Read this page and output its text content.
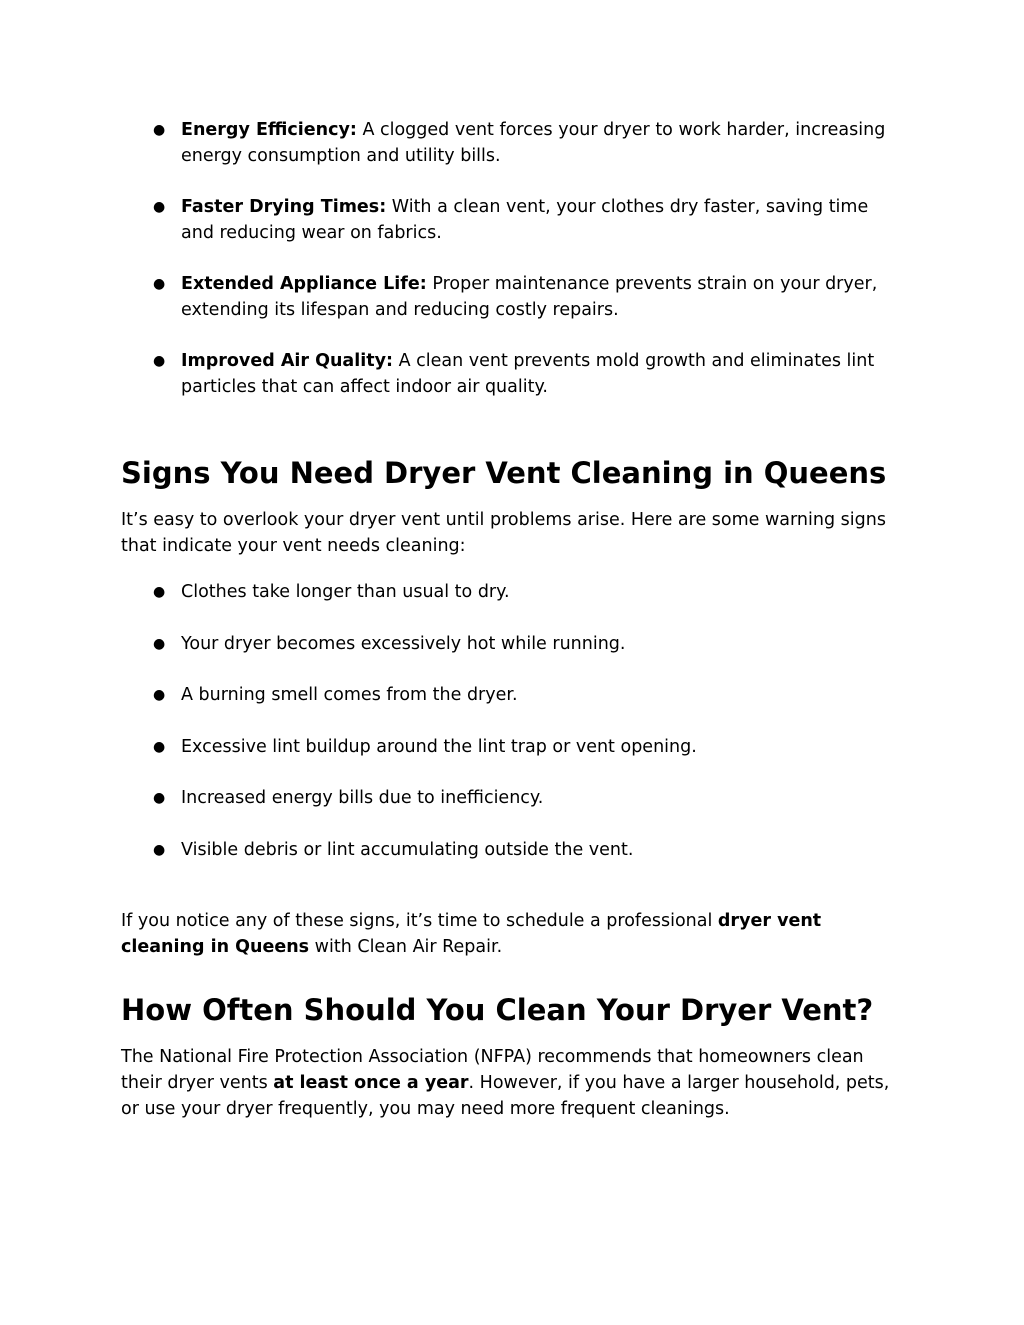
● Energy Efficiency: A clogged vent forces your dryer to work harder, increasing energy consumption and utility bills.
● Faster Drying Times: With a clean vent, your clothes dry faster, saving time and reducing wear on fabrics.
● Extended Appliance Life: Proper maintenance prevents strain on your dryer, extending its lifespan and reducing costly repairs.
● Improved Air Quality: A clean vent prevents mold growth and eliminates lint particles that can affect indoor air quality.
Signs You Need Dryer Vent Cleaning in Queens

It’s easy to overlook your dryer vent until problems arise. Here are some warning signs that indicate your vent needs cleaning:

● Clothes take longer than usual to dry.
● Your dryer becomes excessively hot while running.
● A burning smell comes from the dryer.
● Excessive lint buildup around the lint trap or vent opening.
● Increased energy bills due to inefficiency.
● Visible debris or lint accumulating outside the vent.

If you notice any of these signs, it’s time to schedule a professional dryer vent cleaning in Queens with Clean Air Repair.

How Often Should You Clean Your Dryer Vent?

The National Fire Protection Association (NFPA) recommends that homeowners clean their dryer vents at least once a year. However, if you have a larger household, pets, or use your dryer frequently, you may need more frequent cleanings.
